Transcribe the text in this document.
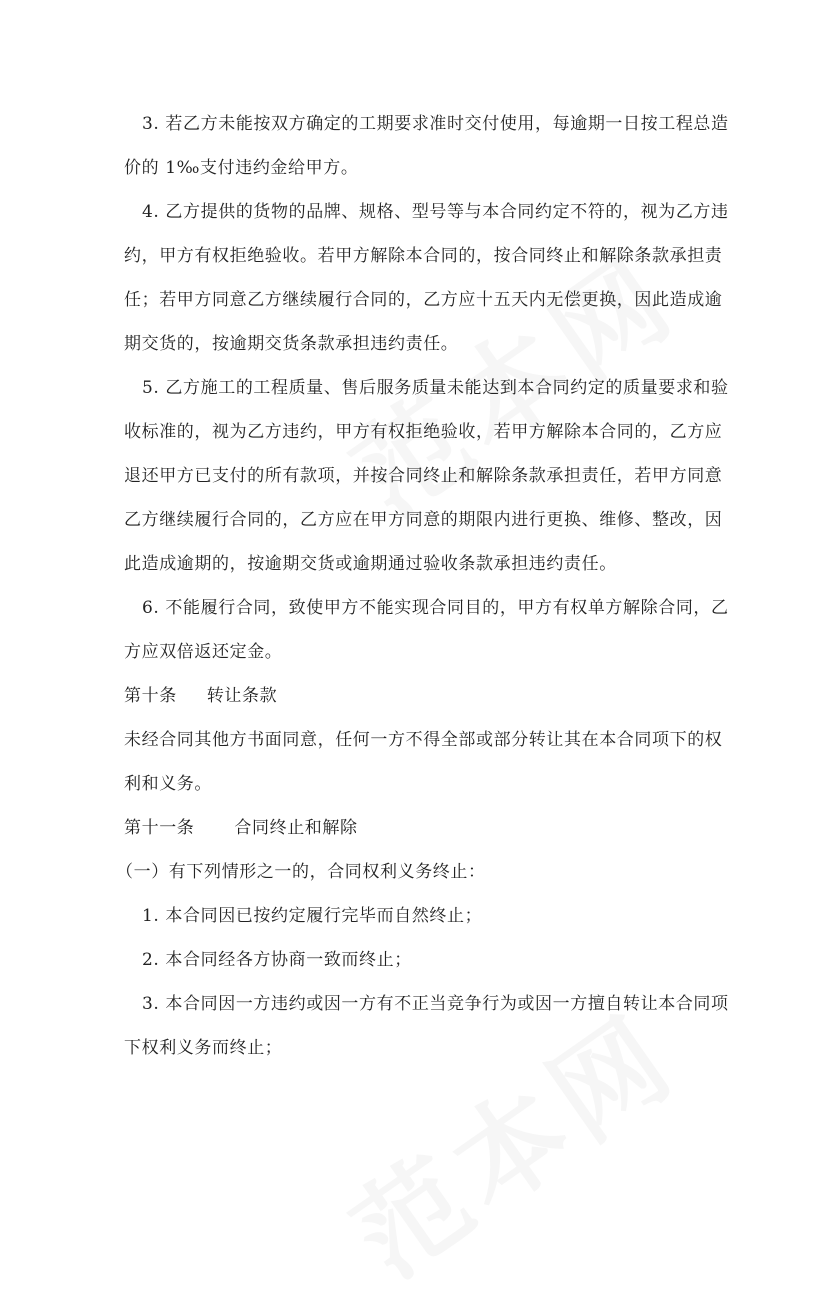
3. 若乙方未能按双方确定的工期要求准时交付使用，每逾期一日按工程总造
价的 1‰支付违约金给甲方。
4. 乙方提供的货物的品牌、规格、型号等与本合同约定不符的，视为乙方违
约，甲方有权拒绝验收。若甲方解除本合同的，按合同终止和解除条款承担责
任；若甲方同意乙方继续履行合同的，乙方应十五天内无偿更换，因此造成逾
期交货的，按逾期交货条款承担违约责任。
5. 乙方施工的工程质量、售后服务质量未能达到本合同约定的质量要求和验
收标准的，视为乙方违约，甲方有权拒绝验收，若甲方解除本合同的，乙方应
退还甲方已支付的所有款项，并按合同终止和解除条款承担责任，若甲方同意
乙方继续履行合同的，乙方应在甲方同意的期限内进行更换、维修、整改，因
此造成逾期的，按逾期交货或逾期通过验收条款承担违约责任。
6. 不能履行合同，致使甲方不能实现合同目的，甲方有权单方解除合同，乙
方应双倍返还定金。
第十条 转让条款
未经合同其他方书面同意，任何一方不得全部或部分转让其在本合同项下的权
利和义务。
第十一条 合同终止和解除
（一）有下列情形之一的，合同权利义务终止：
1. 本合同因已按约定履行完毕而自然终止；
2. 本合同经各方协商一致而终止；
3. 本合同因一方违约或因一方有不正当竞争行为或因一方擅自转让本合同项
下权利义务而终止；
